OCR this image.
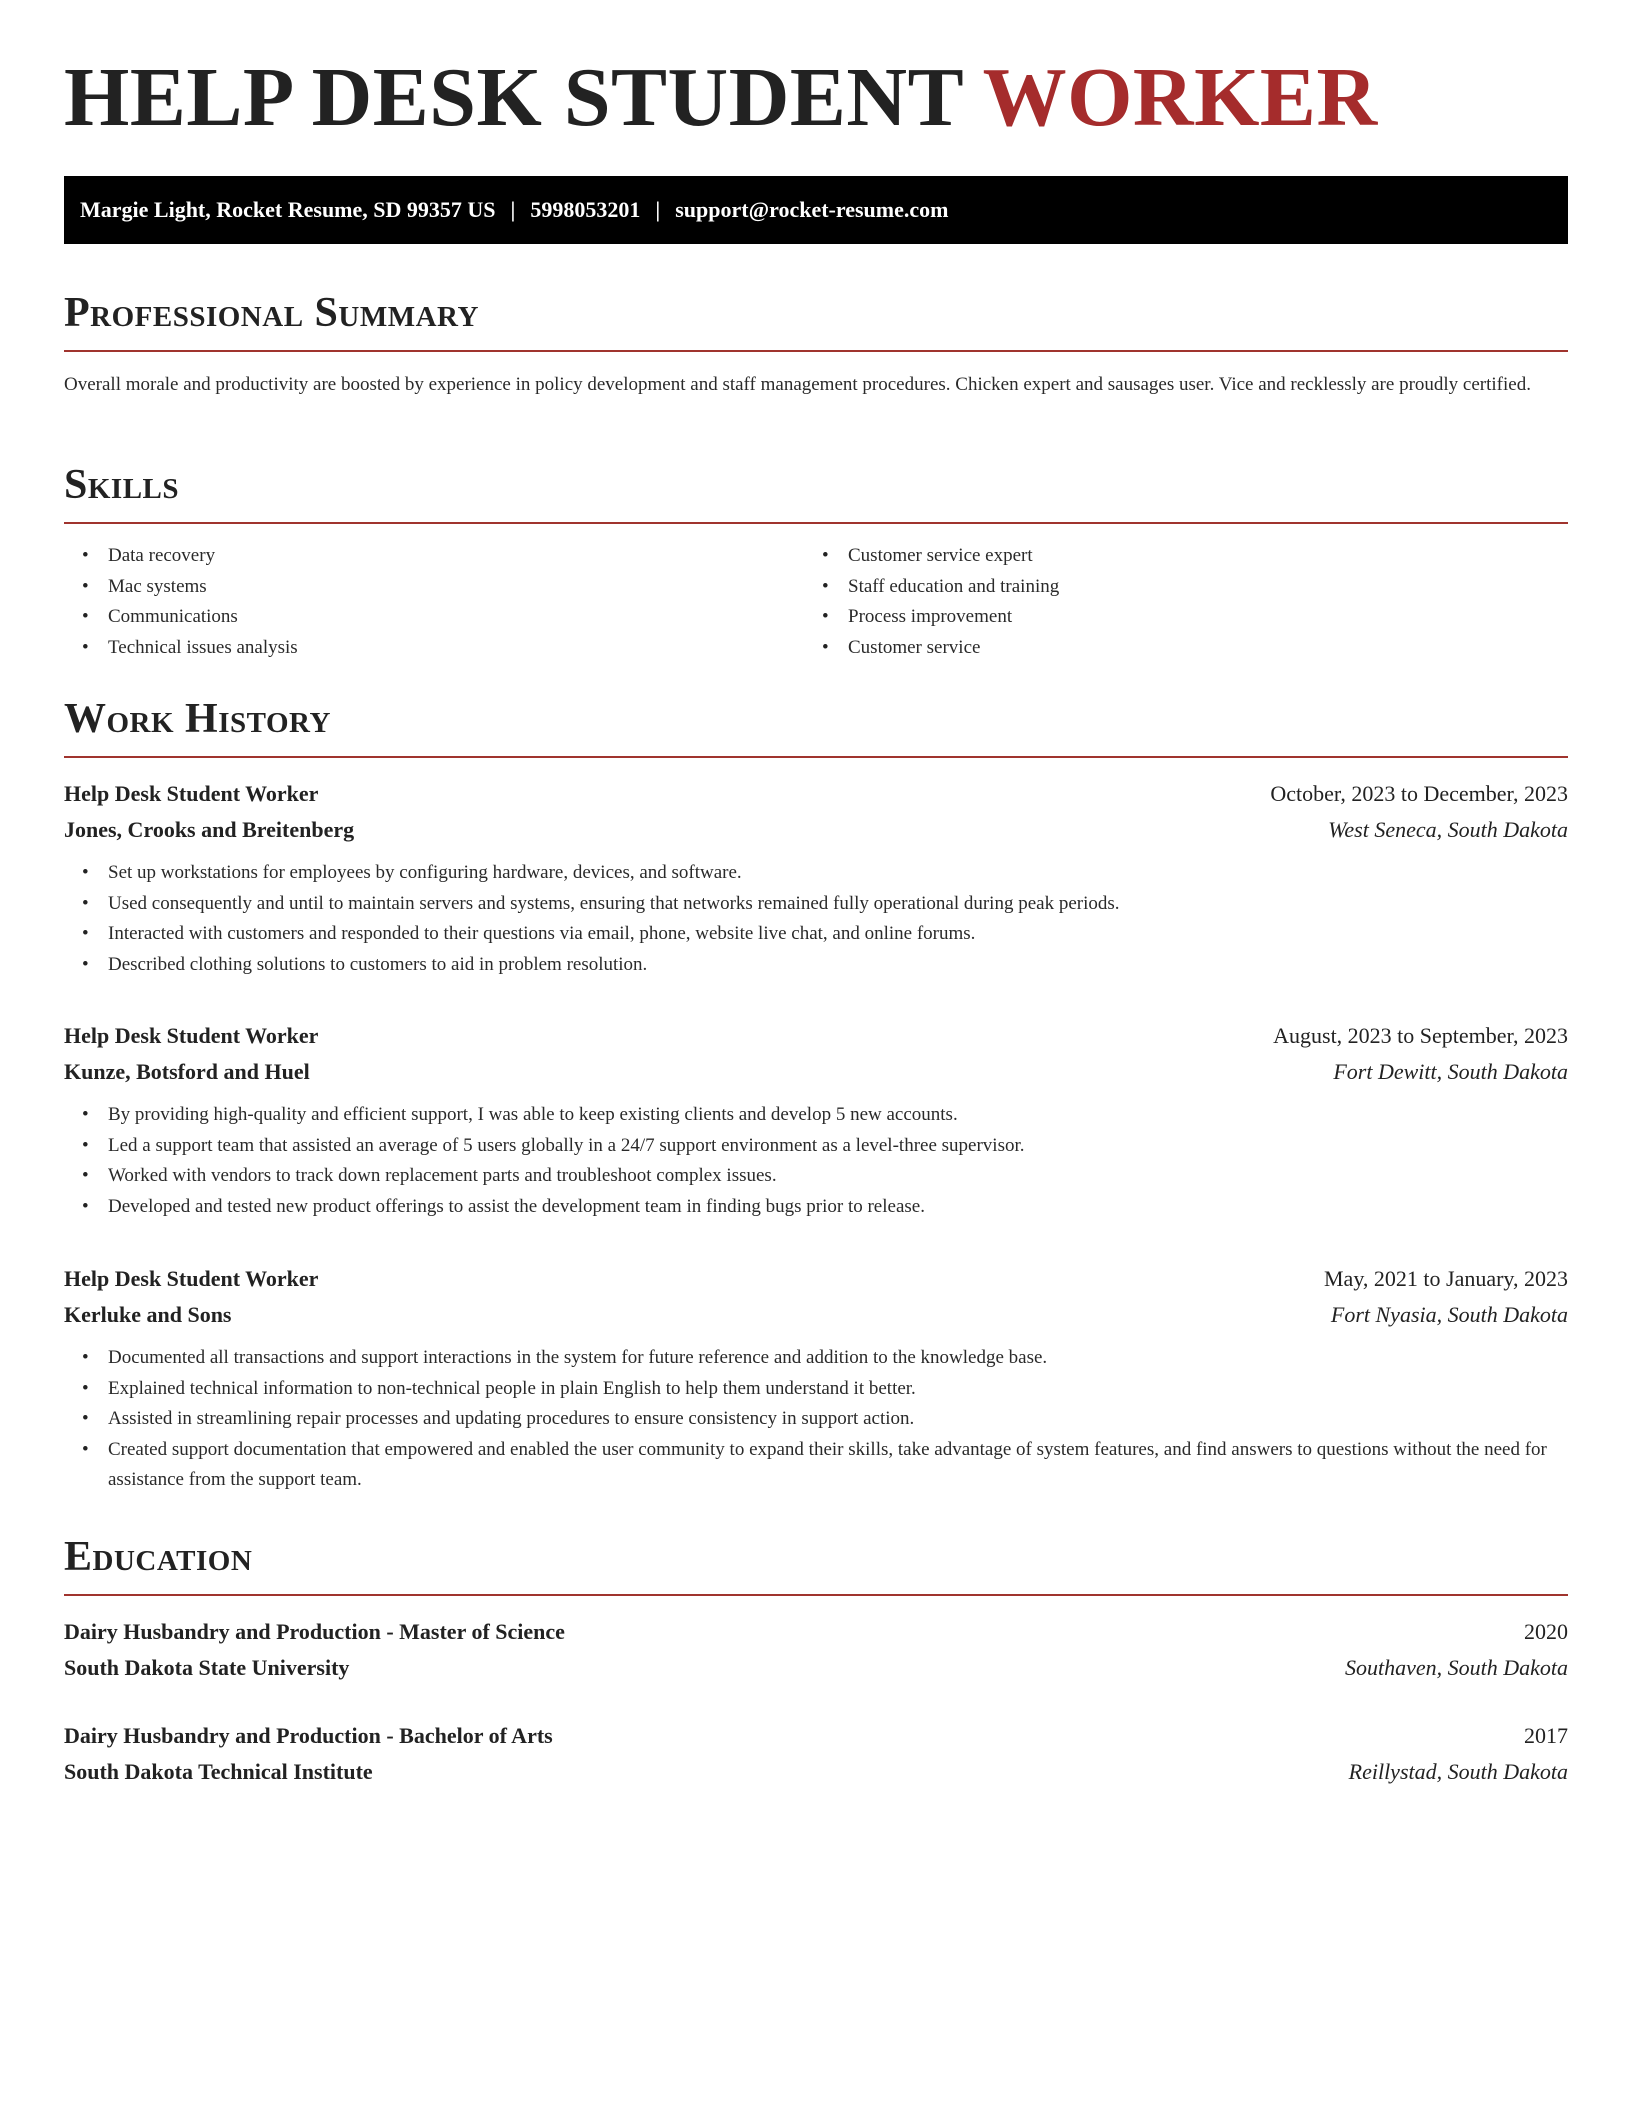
HELP DESK STUDENT WORKER
Margie Light, Rocket Resume, SD 99357 US | 5998053201 | support@rocket-resume.com
Professional Summary

Overall morale and productivity are boosted by experience in policy development and staff management procedures. Chicken expert and sausages user. Vice and recklessly are proudly certified.

Skills
• Data recovery
• Mac systems
• Communications
• Technical issues analysis
• Customer service expert
• Staff education and training
• Process improvement
• Customer service
Work History
Help Desk Student Worker	October, 2023 to December, 2023
Jones, Crooks and Breitenberg	West Seneca, South Dakota
• Set up workstations for employees by configuring hardware, devices, and software.
• Used consequently and until to maintain servers and systems, ensuring that networks remained fully operational during peak periods.
• Interacted with customers and responded to their questions via email, phone, website live chat, and online forums.
• Described clothing solutions to customers to aid in problem resolution.
Help Desk Student Worker	August, 2023 to September, 2023
Kunze, Botsford and Huel	Fort Dewitt, South Dakota
• By providing high-quality and efficient support, I was able to keep existing clients and develop 5 new accounts.
• Led a support team that assisted an average of 5 users globally in a 24/7 support environment as a level-three supervisor.
• Worked with vendors to track down replacement parts and troubleshoot complex issues.
• Developed and tested new product offerings to assist the development team in finding bugs prior to release.
Help Desk Student Worker	May, 2021 to January, 2023
Kerluke and Sons	Fort Nyasia, South Dakota
• Documented all transactions and support interactions in the system for future reference and addition to the knowledge base.
• Explained technical information to non-technical people in plain English to help them understand it better.
• Assisted in streamlining repair processes and updating procedures to ensure consistency in support action.
• Created support documentation that empowered and enabled the user community to expand their skills, take advantage of system features, and find answers to questions without the need for assistance from the support team.
Education
Dairy Husbandry and Production - Master of Science	2020
South Dakota State University	Southaven, South Dakota
Dairy Husbandry and Production - Bachelor of Arts	2017
South Dakota Technical Institute	Reillystad, South Dakota
